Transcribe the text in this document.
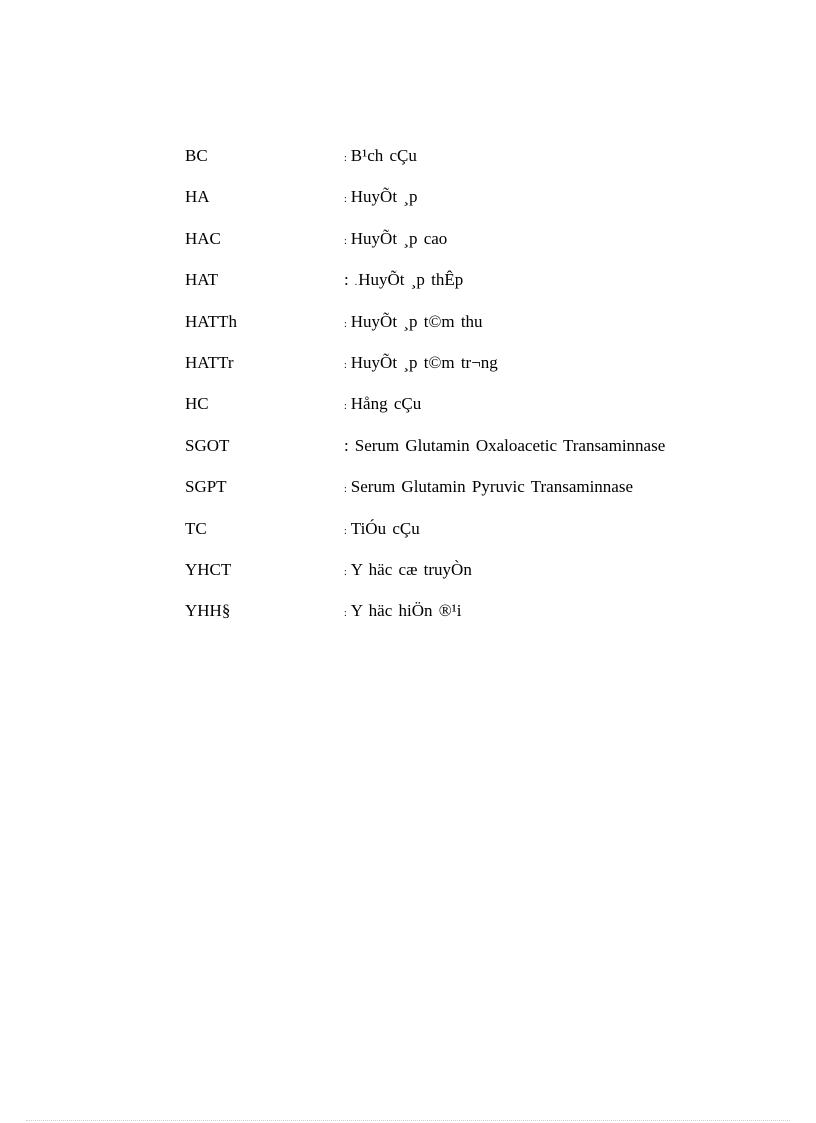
BC	: B¹ch cÇu
HA	: HuyÕt ¸p
HAC	: HuyÕt ¸p cao
HAT	: . HuyÕt ¸p thÊp
HATTh	: HuyÕt ¸p t©m thu
HATTr	: HuyÕt ¸p t©m tr¬ng
HC	: Hång cÇu
SGOT	: Serum Glutamin Oxaloacetic Transaminnase
SGPT	: Serum Glutamin Pyruvic Transaminnase
TC	: TiÓu cÇu
YHCT	: Y häc cæ truyÒn
YHH§	: Y häc hiÖn ®¹i
